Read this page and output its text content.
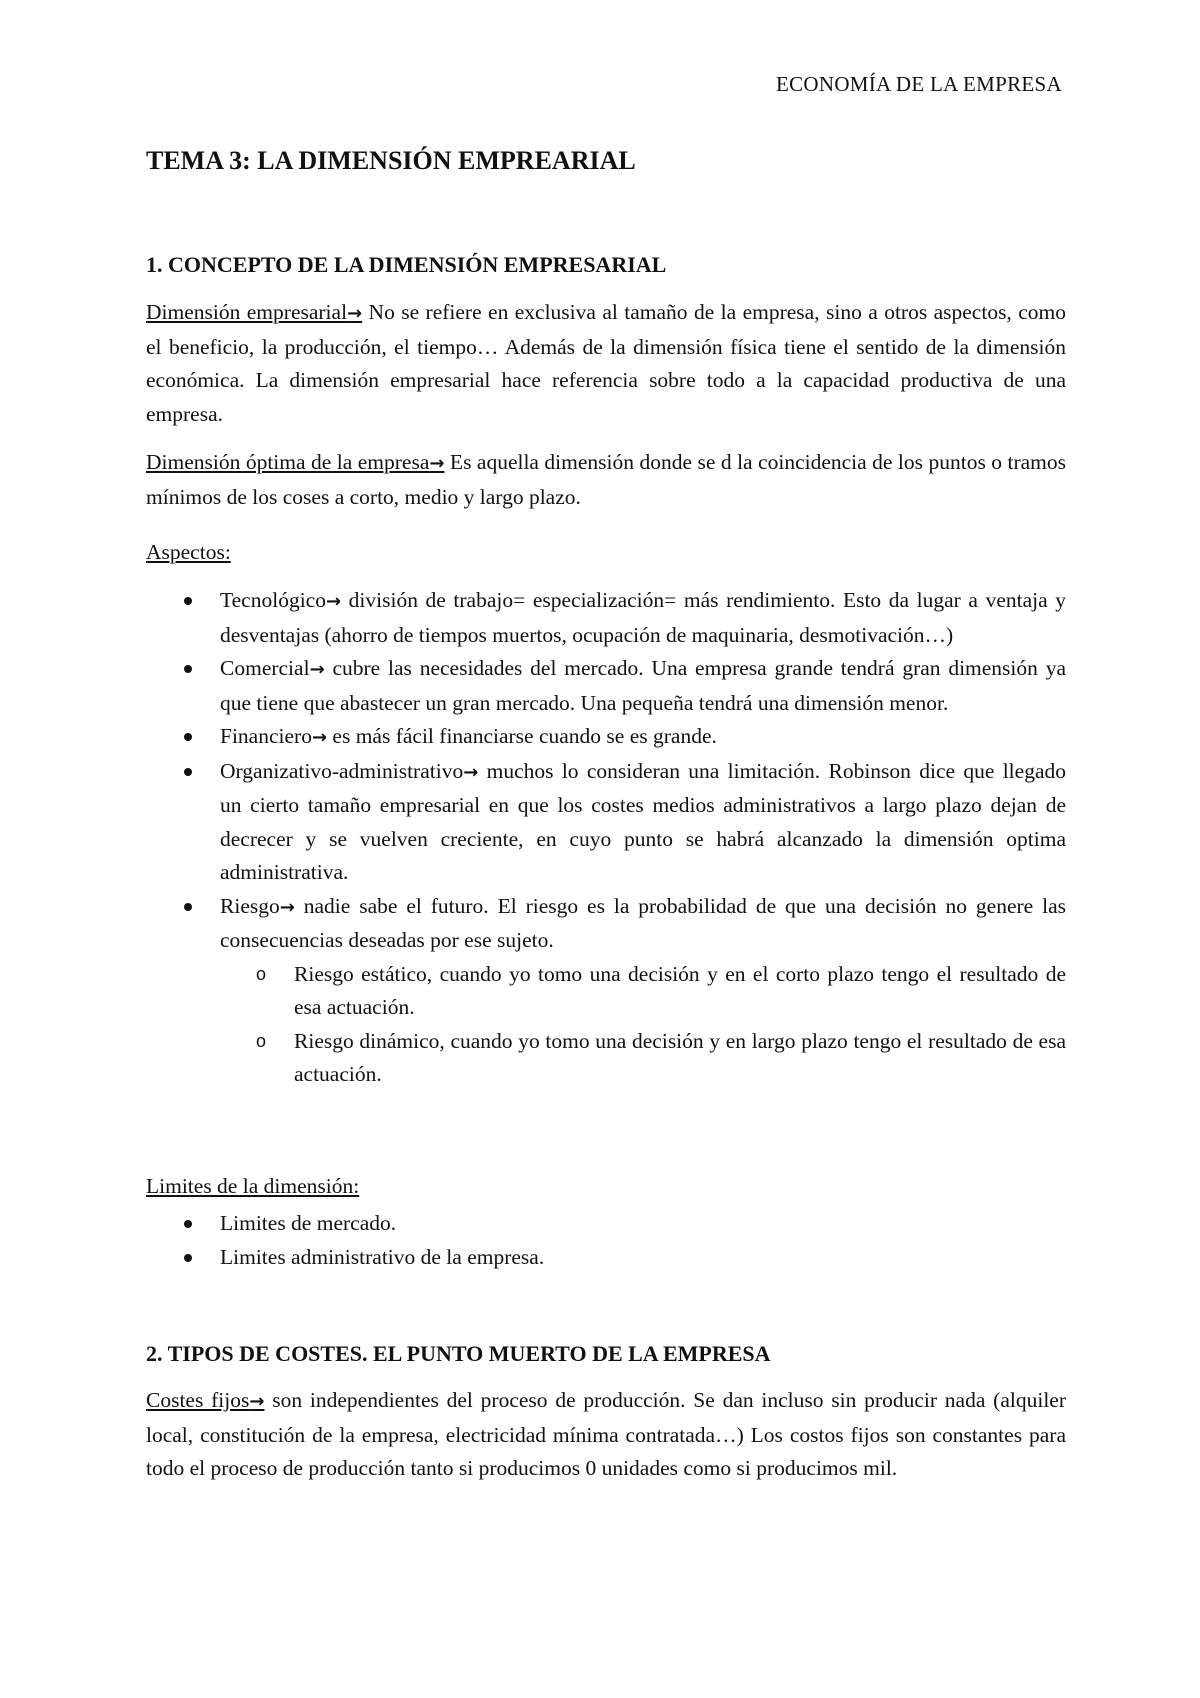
ECONOMÍA DE LA EMPRESA
TEMA 3: LA DIMENSIÓN EMPREARIAL
1. CONCEPTO DE LA DIMENSIÓN EMPRESARIAL

Dimensión empresarial→ No se refiere en exclusiva al tamaño de la empresa, sino a otros aspectos, como el beneficio, la producción, el tiempo… Además de la dimensión física tiene el sentido de la dimensión económica. La dimensión empresarial hace referencia sobre todo a la capacidad productiva de una empresa.

Dimensión óptima de la empresa→ Es aquella dimensión donde se d la coincidencia de los puntos o tramos mínimos de los coses a corto, medio y largo plazo.

Aspectos:
Tecnológico→ división de trabajo= especialización= más rendimiento. Esto da lugar a ventaja y desventajas (ahorro de tiempos muertos, ocupación de maquinaria, desmotivación…)
Comercial→ cubre las necesidades del mercado. Una empresa grande tendrá gran dimensión ya que tiene que abastecer un gran mercado. Una pequeña tendrá una dimensión menor.
Financiero→ es más fácil financiarse cuando se es grande.
Organizativo-administrativo→ muchos lo consideran una limitación. Robinson dice que llegado un cierto tamaño empresarial en que los costes medios administrativos a largo plazo dejan de decrecer y se vuelven creciente, en cuyo punto se habrá alcanzado la dimensión optima administrativa.
Riesgo→ nadie sabe el futuro. El riesgo es la probabilidad de que una decisión no genere las consecuencias deseadas por ese sujeto.
o Riesgo estático, cuando yo tomo una decisión y en el corto plazo tengo el resultado de esa actuación.
o Riesgo dinámico, cuando yo tomo una decisión y en largo plazo tengo el resultado de esa actuación.
Limites de la dimensión:
Limites de mercado.
Limites administrativo de la empresa.
2. TIPOS DE COSTES. EL PUNTO MUERTO DE LA EMPRESA

Costes fijos→ son independientes del proceso de producción. Se dan incluso sin producir nada (alquiler local, constitución de la empresa, electricidad mínima contratada…) Los costos fijos son constantes para todo el proceso de producción tanto si producimos 0 unidades como si producimos mil.
